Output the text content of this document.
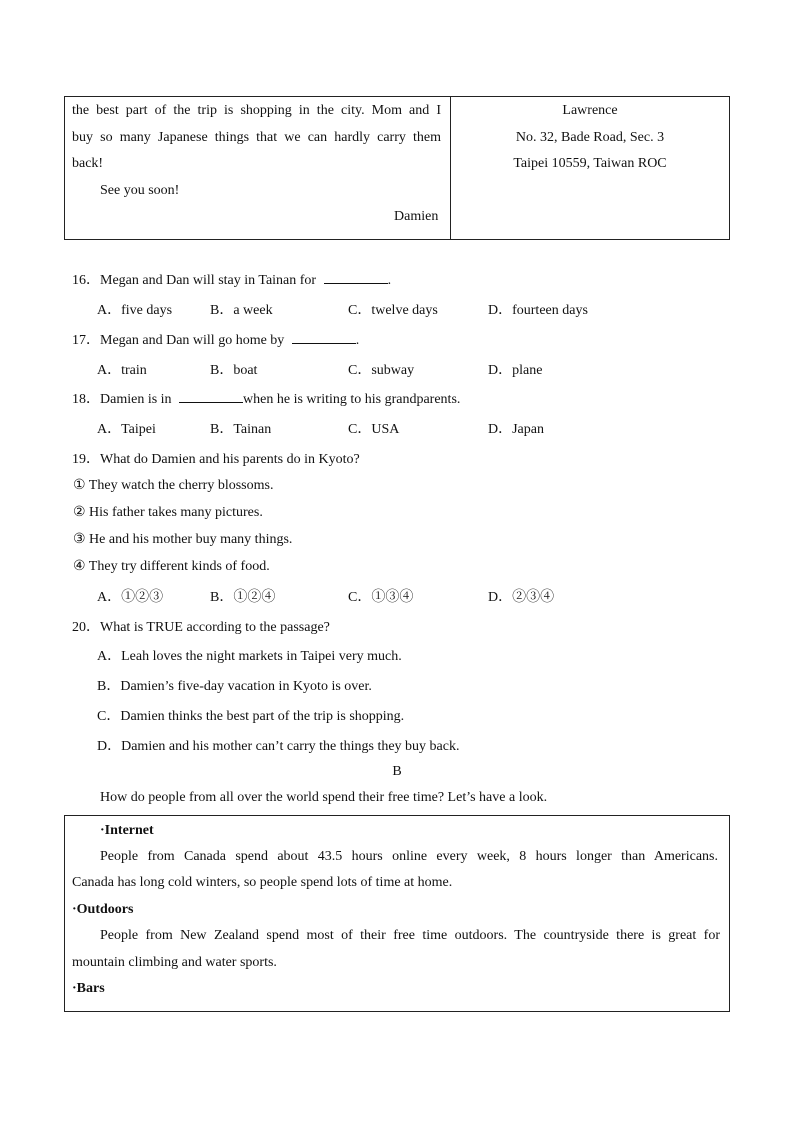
the best part of the trip is shopping in the city. Mom and I
buy so many Japanese things that we can hardly carry them
back!
See you soon!
Damien
Lawrence
No. 32, Bade Road, Sec. 3
Taipei 10559, Taiwan ROC
16．Megan and Dan will stay in Tainan for	.
A．five days	B．a week	C．twelve days	D．fourteen days
17．Megan and Dan will go home by	.
A．train	B．boat	C．subway	D．plane
18．Damien is in	when he is writing to his grandparents.
A．Taipei	B．Tainan	C．USA	D．Japan
19．What do Damien and his parents do in Kyoto?
① They watch the cherry blossoms.
② His father takes many pictures.
③ He and his mother buy many things.
④ They try different kinds of food.
A．①②③	B．①②④	C．①③④	D．②③④
20．What is TRUE according to the passage?
A．Leah loves the night markets in Taipei very much.
B．Damien’s five-day vacation in Kyoto is over.
C．Damien thinks the best part of the trip is shopping.
D．Damien and his mother can’t carry the things they buy back.
B
How do people from all over the world spend their free time? Let’s have a look.
·Internet
People from Canada spend about 43.5 hours online every week, 8 hours longer than Americans.
Canada has long cold winters, so people spend lots of time at home.
·Outdoors
People from New Zealand spend most of their free time outdoors. The countryside there is great for
mountain climbing and water sports.
·Bars
